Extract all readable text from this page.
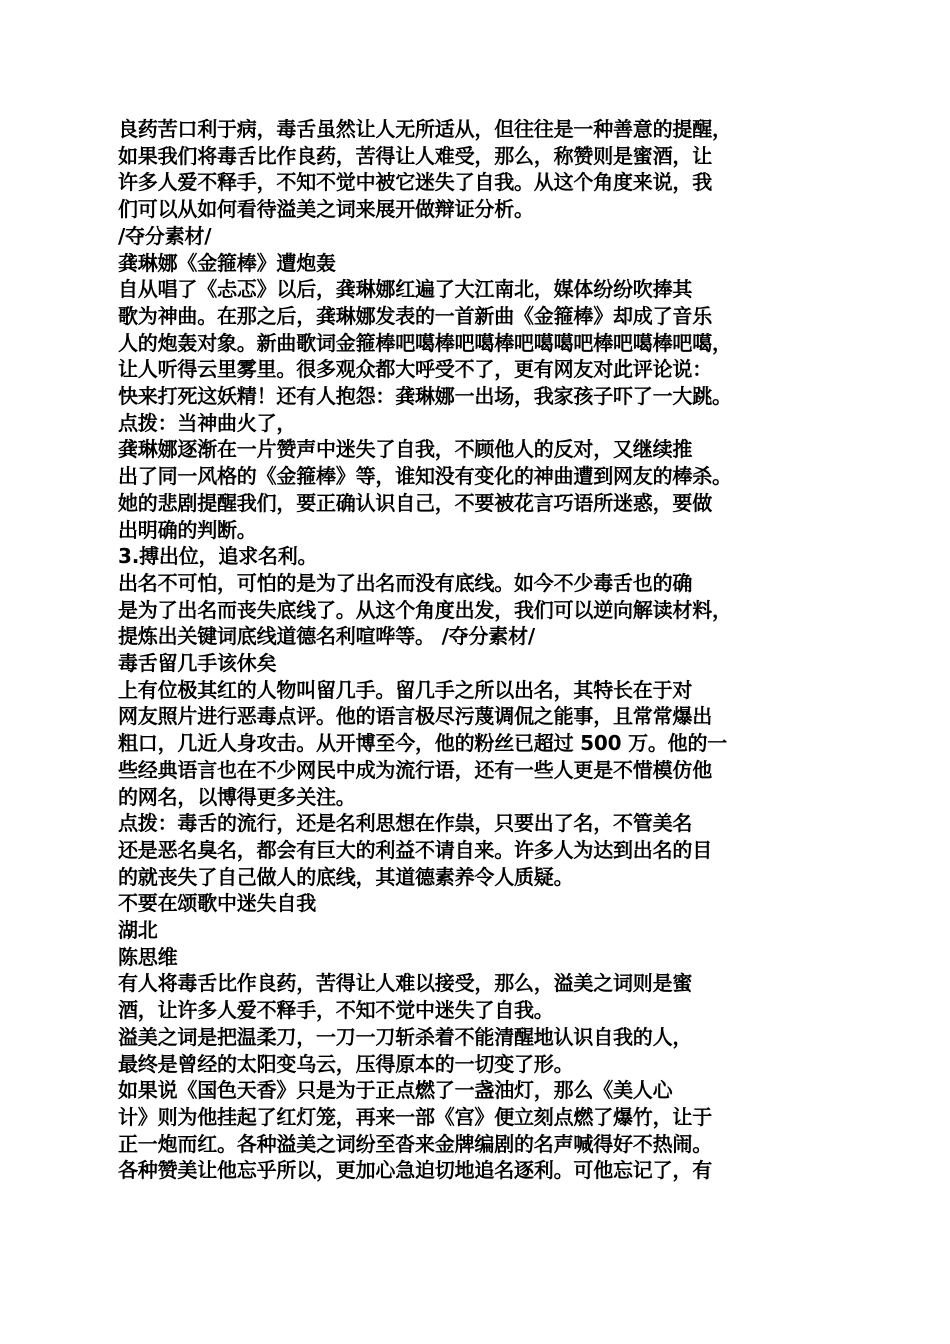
良药苦口利于病，毒舌虽然让人无所适从，但往往是一种善意的提醒，
如果我们将毒舌比作良药，苦得让人难受，那么，称赞则是蜜酒，让
许多人爱不释手，不知不觉中被它迷失了自我。从这个角度来说，我
们可以从如何看待溢美之词来展开做辩证分析。
/夺分素材/
龚琳娜《金箍棒》遭炮轰
自从唱了《忐忑》以后，龚琳娜红遍了大江南北，媒体纷纷吹捧其
歌为神曲。在那之后，龚琳娜发表的一首新曲《金箍棒》却成了音乐
人的炮轰对象。新曲歌词金箍棒吧噶棒吧噶棒吧噶噶吧棒吧噶棒吧噶，
让人听得云里雾里。很多观众都大呼受不了，更有网友对此评论说：
快来打死这妖精！还有人抱怨：龚琳娜一出场，我家孩子吓了一大跳。
点拨：当神曲火了，
龚琳娜逐渐在一片赞声中迷失了自我，不顾他人的反对，又继续推
出了同一风格的《金箍棒》等，谁知没有变化的神曲遭到网友的棒杀。
她的悲剧提醒我们，要正确认识自己，不要被花言巧语所迷惑，要做
出明确的判断。
3.搏出位，追求名利。
出名不可怕，可怕的是为了出名而没有底线。如今不少毒舌也的确
是为了出名而丧失底线了。从这个角度出发，我们可以逆向解读材料，
提炼出关键词底线道德名利喧哗等。 /夺分素材/
毒舌留几手该休矣
上有位极其红的人物叫留几手。留几手之所以出名，其特长在于对
网友照片进行恶毒点评。他的语言极尽污蔑调侃之能事，且常常爆出
粗口，几近人身攻击。从开博至今，他的粉丝已超过 500 万。他的一
些经典语言也在不少网民中成为流行语，还有一些人更是不惜模仿他
的网名，以博得更多关注。
点拨：毒舌的流行，还是名利思想在作祟，只要出了名，不管美名
还是恶名臭名，都会有巨大的利益不请自来。许多人为达到出名的目
的就丧失了自己做人的底线，其道德素养令人质疑。
不要在颂歌中迷失自我
湖北
陈思维
有人将毒舌比作良药，苦得让人难以接受，那么，溢美之词则是蜜
酒，让许多人爱不释手，不知不觉中迷失了自我。
溢美之词是把温柔刀，一刀一刀斩杀着不能清醒地认识自我的人，
最终是曾经的太阳变乌云，压得原本的一切变了形。
如果说《国色天香》只是为于正点燃了一盏油灯，那么《美人心
计》则为他挂起了红灯笼，再来一部《宫》便立刻点燃了爆竹，让于
正一炮而红。各种溢美之词纷至沓来金牌编剧的名声喊得好不热闹。
各种赞美让他忘乎所以，更加心急迫切地追名逐利。可他忘记了，有
